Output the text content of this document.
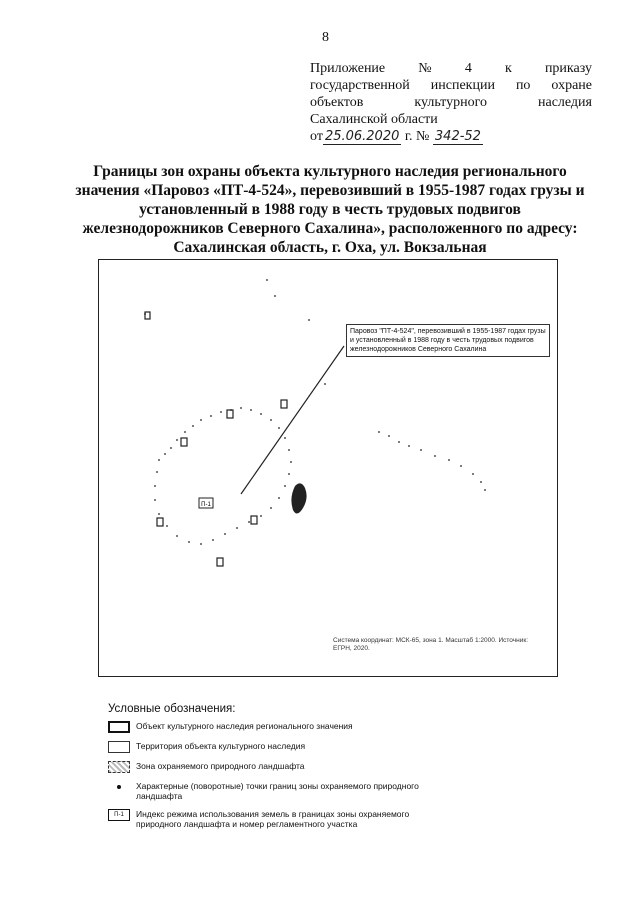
8
Приложение № 4 к приказу
государственной инспекции по охране
объектов	культурного	наследия
Сахалинской области
от 25.06.2020 г. № 342-52
Границы зон охраны объекта культурного наследия регионального значения «Паровоз «ПТ-4-524», перевозивший в 1955-1987 годах грузы и установленный в 1988 году в честь трудовых подвигов железнодорожников Северного Сахалина», расположенного по адресу: Сахалинская область, г. Оха, ул. Вокзальная
П-1
Паровоз "ПТ-4-524", перевозивший в 1955-1987 годах грузы и установленный в 1988 году в честь трудовых подвигов железнодорожников Северного Сахалина
Система координат: МСК-65, зона 1. Масштаб 1:2000. Источник: ЕГРН, 2020.
Условные обозначения:
Объект культурного наследия регионального значения
Территория объекта культурного наследия
Зона охраняемого природного ландшафта
Характерные (поворотные) точки границ зоны охраняемого природного ландшафта
П-1	Индекс режима использования земель в границах зоны охраняемого природного ландшафта и номер регламентного участка
